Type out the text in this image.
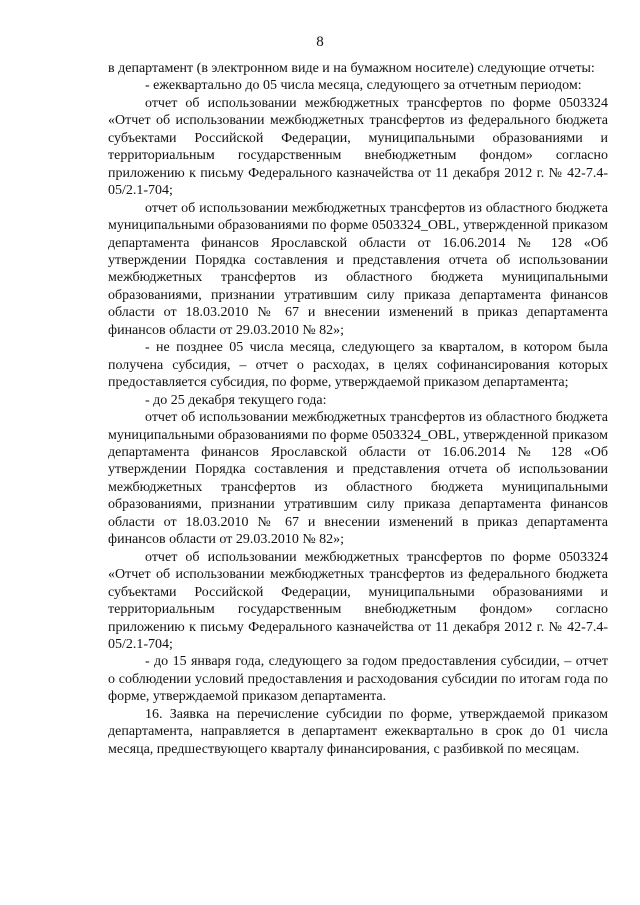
8

в департамент (в электронном виде и на бумажном носителе) следующие отчеты:

- ежеквартально до 05 числа месяца, следующего за отчетным периодом:

отчет об использовании межбюджетных трансфертов по форме 0503324 «Отчет об использовании межбюджетных трансфертов из федерального бюджета субъектами Российской Федерации, муниципальными образованиями и территориальным государственным внебюджетным фондом» согласно приложению к письму Федерального казначейства от 11 декабря 2012 г. № 42-7.4-05/2.1-704;

отчет об использовании межбюджетных трансфертов из областного бюджета муниципальными образованиями по форме 0503324_OBL, утвержденной приказом департамента финансов Ярославской области от 16.06.2014 № 128 «Об утверждении Порядка составления и представления отчета об использовании межбюджетных трансфертов из областного бюджета муниципальными образованиями, признании утратившим силу приказа департамента финансов области от 18.03.2010 № 67 и внесении изменений в приказ департамента финансов области от 29.03.2010 № 82»;

- не позднее 05 числа месяца, следующего за кварталом, в котором была получена субсидия, – отчет о расходах, в целях софинансирования которых предоставляется субсидия, по форме, утверждаемой приказом департамента;

- до 25 декабря текущего года:

отчет об использовании межбюджетных трансфертов из областного бюджета муниципальными образованиями по форме 0503324_OBL, утвержденной приказом департамента финансов Ярославской области от 16.06.2014 № 128 «Об утверждении Порядка составления и представления отчета об использовании межбюджетных трансфертов из областного бюджета муниципальными образованиями, признании утратившим силу приказа департамента финансов области от 18.03.2010 № 67 и внесении изменений в приказ департамента финансов области от 29.03.2010 № 82»;

отчет об использовании межбюджетных трансфертов по форме 0503324 «Отчет об использовании межбюджетных трансфертов из федерального бюджета субъектами Российской Федерации, муниципальными образованиями и территориальным государственным внебюджетным фондом» согласно приложению к письму Федерального казначейства от 11 декабря 2012 г. № 42-7.4-05/2.1-704;

- до 15 января года, следующего за годом предоставления субсидии, – отчет о соблюдении условий предоставления и расходования субсидии по итогам года по форме, утверждаемой приказом департамента.

16. Заявка на перечисление субсидии по форме, утверждаемой приказом департамента, направляется в департамент ежеквартально в срок до 01 числа месяца, предшествующего кварталу финансирования, с разбивкой по месяцам.
